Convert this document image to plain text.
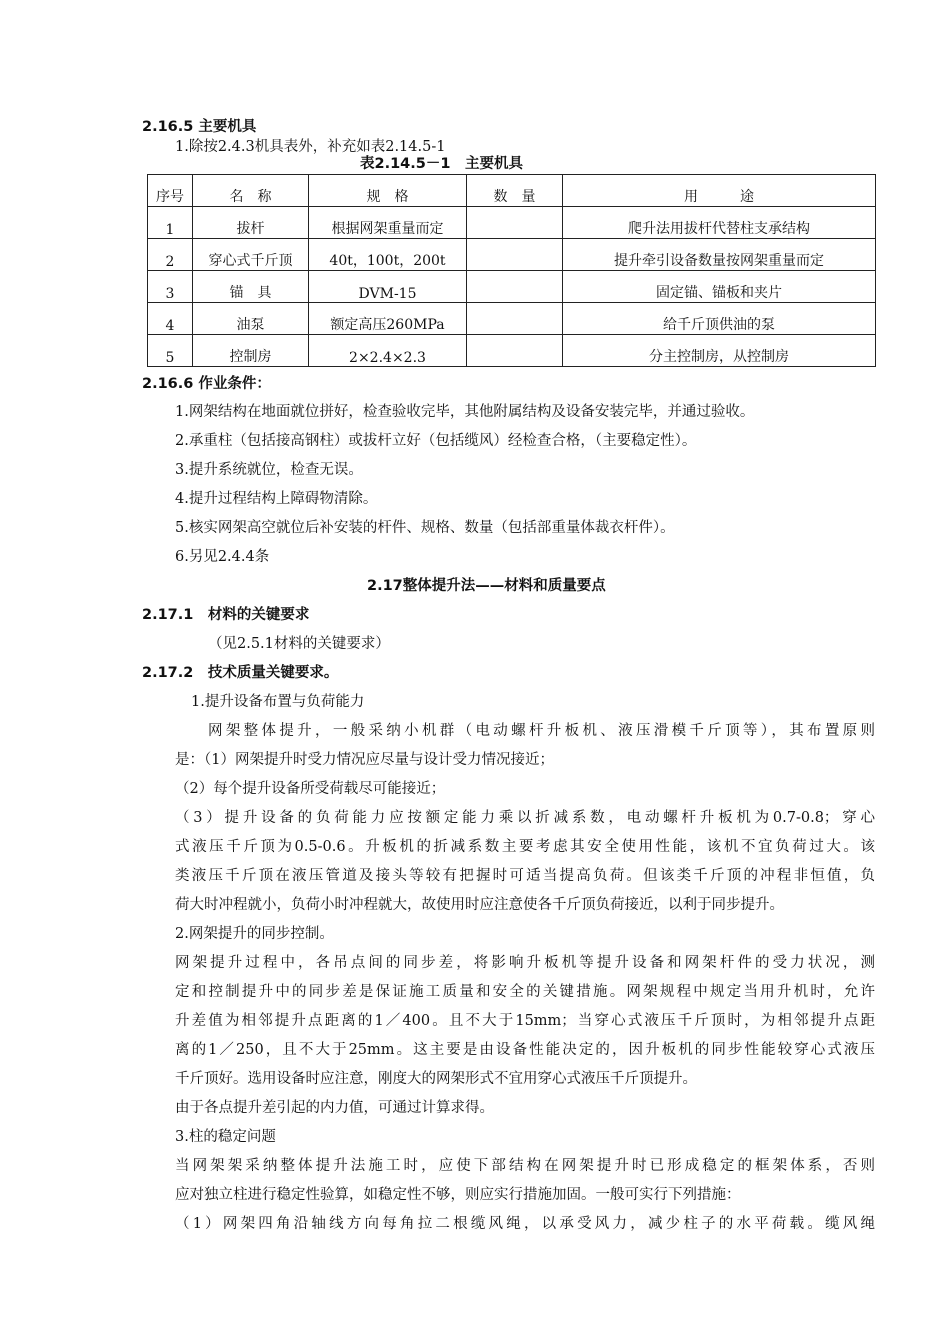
2.16.5 主要机具
1.除按2.4.3机具表外，补充如表2.14.5-1
表2.14.5－1　主要机具
序号	名　称	规　格	数　量	用　　　途
1	拔杆	根据网架重量而定		爬升法用拔杆代替柱支承结构
2	穿心式千斤顶	40t，100t，200t		提升牵引设备数量按网架重量而定
3	锚　具	DVM-15		固定锚、锚板和夹片
4	油泵	额定高压260MPa		给千斤顶供油的泵
5	控制房	2×2.4×2.3		分主控制房，从控制房
2.16.6 作业条件：
1.网架结构在地面就位拼好，检查验收完毕，其他附属结构及设备安装完毕，并通过验收。
2.承重柱（包括接高钢柱）或拔杆立好（包括缆风）经检查合格，（主要稳定性）。
3.提升系统就位，检查无误。
4.提升过程结构上障碍物清除。
5.核实网架高空就位后补安装的杆件、规格、数量（包括部重量体裁衣杆件）。
6.另见2.4.4条
2.17整体提升法——材料和质量要点
2.17.1　材料的关键要求
（见2.5.1材料的关键要求）
2.17.2　技术质量关键要求。
1.提升设备布置与负荷能力
网架整体提升，一般采纳小机群（电动螺杆升板机、液压滑模千斤顶等），其布置原则
是：（1）网架提升时受力情况应尽量与设计受力情况接近；
（2）每个提升设备所受荷载尽可能接近；
（3）提升设备的负荷能力应按额定能力乘以折减系数，电动螺杆升板机为0.7-0.8；穿心
式液压千斤顶为0.5-0.6。升板机的折减系数主要考虑其安全使用性能，该机不宜负荷过大。该
类液压千斤顶在液压管道及接头等较有把握时可适当提高负荷。但该类千斤顶的冲程非恒值，负
荷大时冲程就小，负荷小时冲程就大，故使用时应注意使各千斤顶负荷接近，以利于同步提升。
2.网架提升的同步控制。
网架提升过程中，各吊点间的同步差，将影响升板机等提升设备和网架杆件的受力状况，测
定和控制提升中的同步差是保证施工质量和安全的关键措施。网架规程中规定当用升机时，允许
升差值为相邻提升点距离的1／400。且不大于15mm；当穿心式液压千斤顶时，为相邻提升点距
离的1／250，且不大于25mm。这主要是由设备性能决定的，因升板机的同步性能较穿心式液压
千斤顶好。选用设备时应注意，刚度大的网架形式不宜用穿心式液压千斤顶提升。
由于各点提升差引起的内力值，可通过计算求得。
3.柱的稳定问题
当网架架采纳整体提升法施工时，应使下部结构在网架提升时已形成稳定的框架体系，否则
应对独立柱进行稳定性验算，如稳定性不够，则应实行措施加固。一般可实行下列措施：
（1）网架四角沿轴线方向每角拉二根缆风绳，以承受风力，减少柱子的水平荷载。缆风绳
